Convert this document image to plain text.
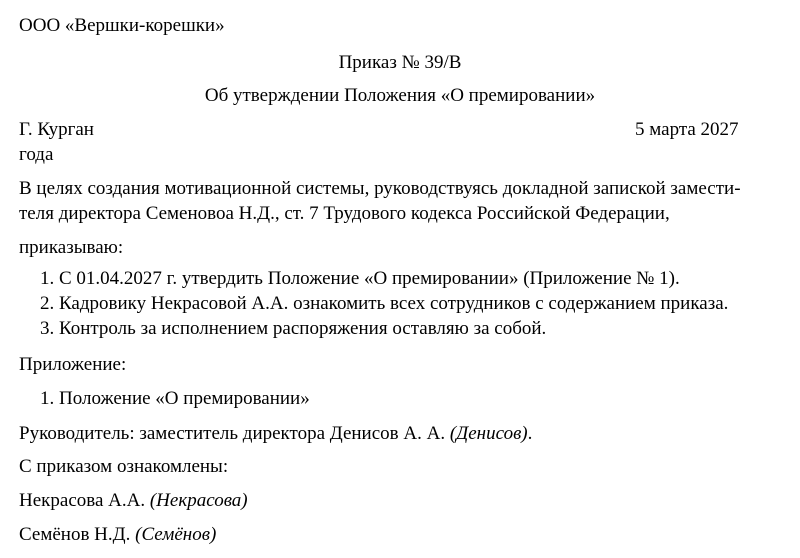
ООО «Вершки-корешки»
Приказ № 39/В
Об утверждении Положения «О премировании»
Г. Курган	5 марта 2027
года
В целях создания мотивационной системы, руководствуясь докладной запиской замести-
теля директора Семеновоа Н.Д., ст. 7 Трудового кодекса Российской Федерации,
приказываю:
1. С 01.04.2027 г. утвердить Положение «О премировании» (Приложение № 1).
2. Кадровику Некрасовой А.А. ознакомить всех сотрудников с содержанием приказа.
3. Контроль за исполнением распоряжения оставляю за собой.
Приложение:
1. Положение «О премировании»
Руководитель: заместитель директора Денисов А. А. (Денисов).
С приказом ознакомлены:
Некрасова А.А. (Некрасова)
Семёнов Н.Д. (Семёнов)
